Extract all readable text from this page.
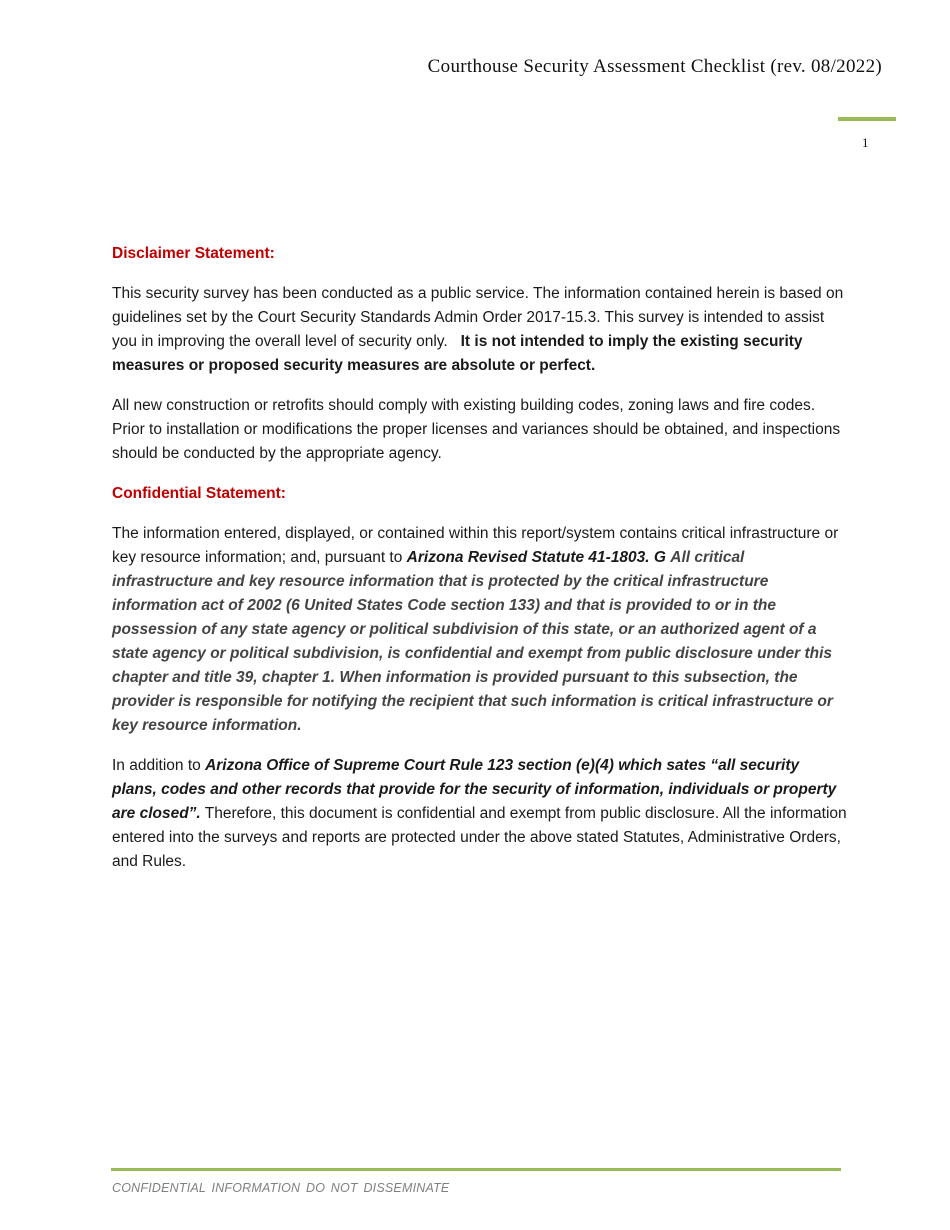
Courthouse Security Assessment Checklist (rev. 08/2022)
1
Disclaimer Statement:

This security survey has been conducted as a public service. The information contained herein is based on guidelines set by the Court Security Standards Admin Order 2017-15.3. This survey is intended to assist you in improving the overall level of security only. It is not intended to imply the existing security measures or proposed security measures are absolute or perfect.

All new construction or retrofits should comply with existing building codes, zoning laws and fire codes. Prior to installation or modifications the proper licenses and variances should be obtained, and inspections should be conducted by the appropriate agency.

Confidential Statement:

The information entered, displayed, or contained within this report/system contains critical infrastructure or key resource information; and, pursuant to Arizona Revised Statute 41-1803. G All critical infrastructure and key resource information that is protected by the critical infrastructure information act of 2002 (6 United States Code section 133) and that is provided to or in the possession of any state agency or political subdivision of this state, or an authorized agent of a state agency or political subdivision, is confidential and exempt from public disclosure under this chapter and title 39, chapter 1. When information is provided pursuant to this subsection, the provider is responsible for notifying the recipient that such information is critical infrastructure or key resource information.

In addition to Arizona Office of Supreme Court Rule 123 section (e)(4) which sates “all security plans, codes and other records that provide for the security of information, individuals or property are closed”. Therefore, this document is confidential and exempt from public disclosure. All the information entered into the surveys and reports are protected under the above stated Statutes, Administrative Orders, and Rules.

CONFIDENTIAL INFORMATION DO NOT DISSEMINATE
